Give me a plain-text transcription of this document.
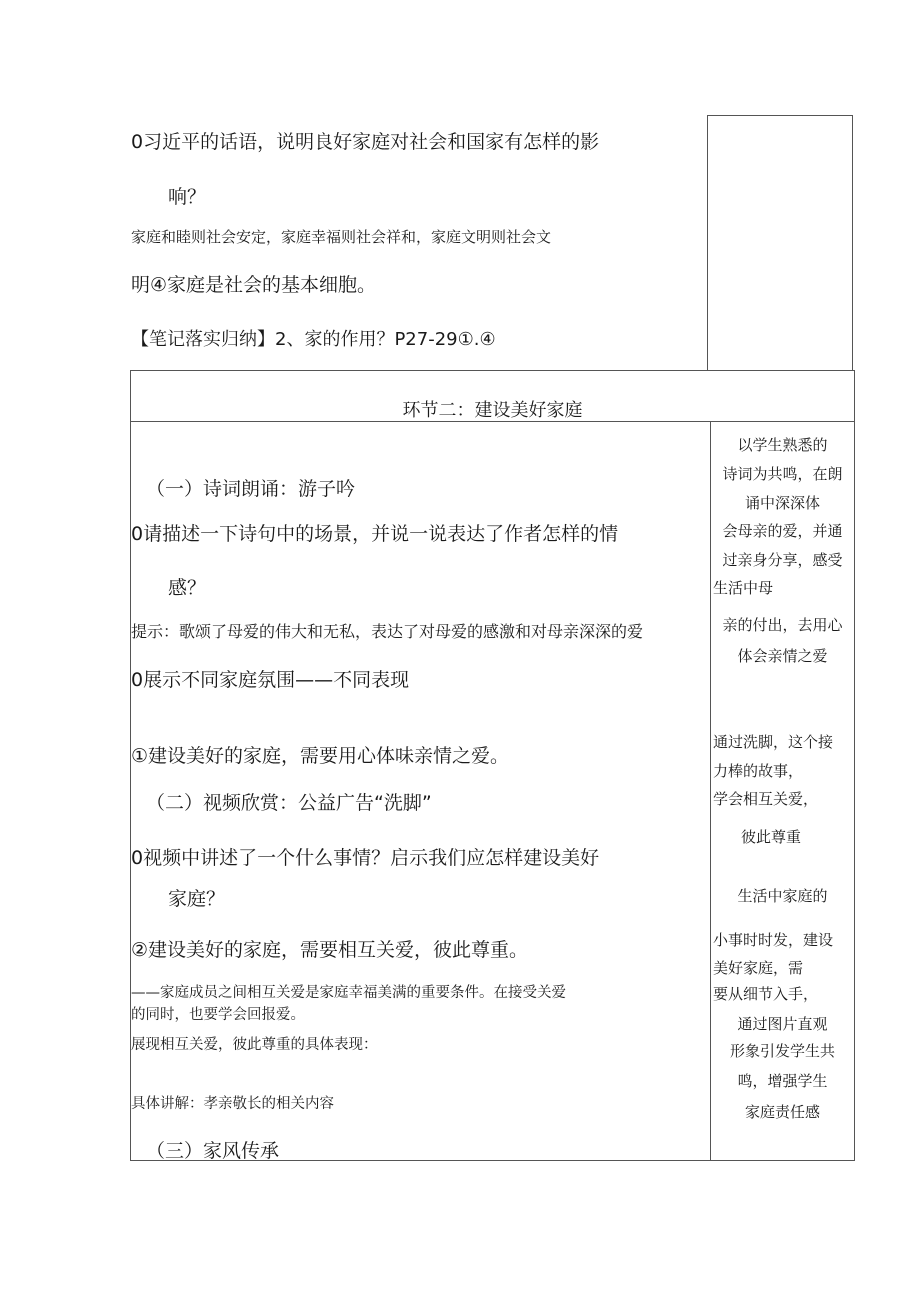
0习近平的话语，说明良好家庭对社会和国家有怎样的影
响？
家庭和睦则社会安定，家庭幸福则社会祥和，家庭文明则社会文
明④家庭是社会的基本细胞。
【笔记落实归纳】2、家的作用？P27-29①.④
环节二：建设美好家庭
（一）诗词朗诵：游子吟
0请描述一下诗句中的场景，并说一说表达了作者怎样的情
感？
提示：歌颂了母爱的伟大和无私，表达了对母爱的感激和对母亲深深的爱
0展示不同家庭氛围——不同表现
①建设美好的家庭，需要用心体味亲情之爱。
（二）视频欣赏：公益广告“洗脚”
0视频中讲述了一个什么事情？启示我们应怎样建设美好
家庭？
②建设美好的家庭，需要相互关爱，彼此尊重。
——家庭成员之间相互关爱是家庭幸福美满的重要条件。在接受关爱
的同时，也要学会回报爱。
展现相互关爱，彼此尊重的具体表现：
具体讲解：孝亲敬长的相关内容
（三）家风传承
以学生熟悉的
诗词为共鸣，在朗
诵中深深体
会母亲的爱，并通
过亲身分享，感受
生活中母
亲的付出，去用心
体会亲情之爱
通过洗脚，这个接
力棒的故事，
学会相互关爱，
彼此尊重
生活中家庭的
小事时时发，建设
美好家庭，需
要从细节入手，
通过图片直观
形象引发学生共
鸣，增强学生
家庭责任感
